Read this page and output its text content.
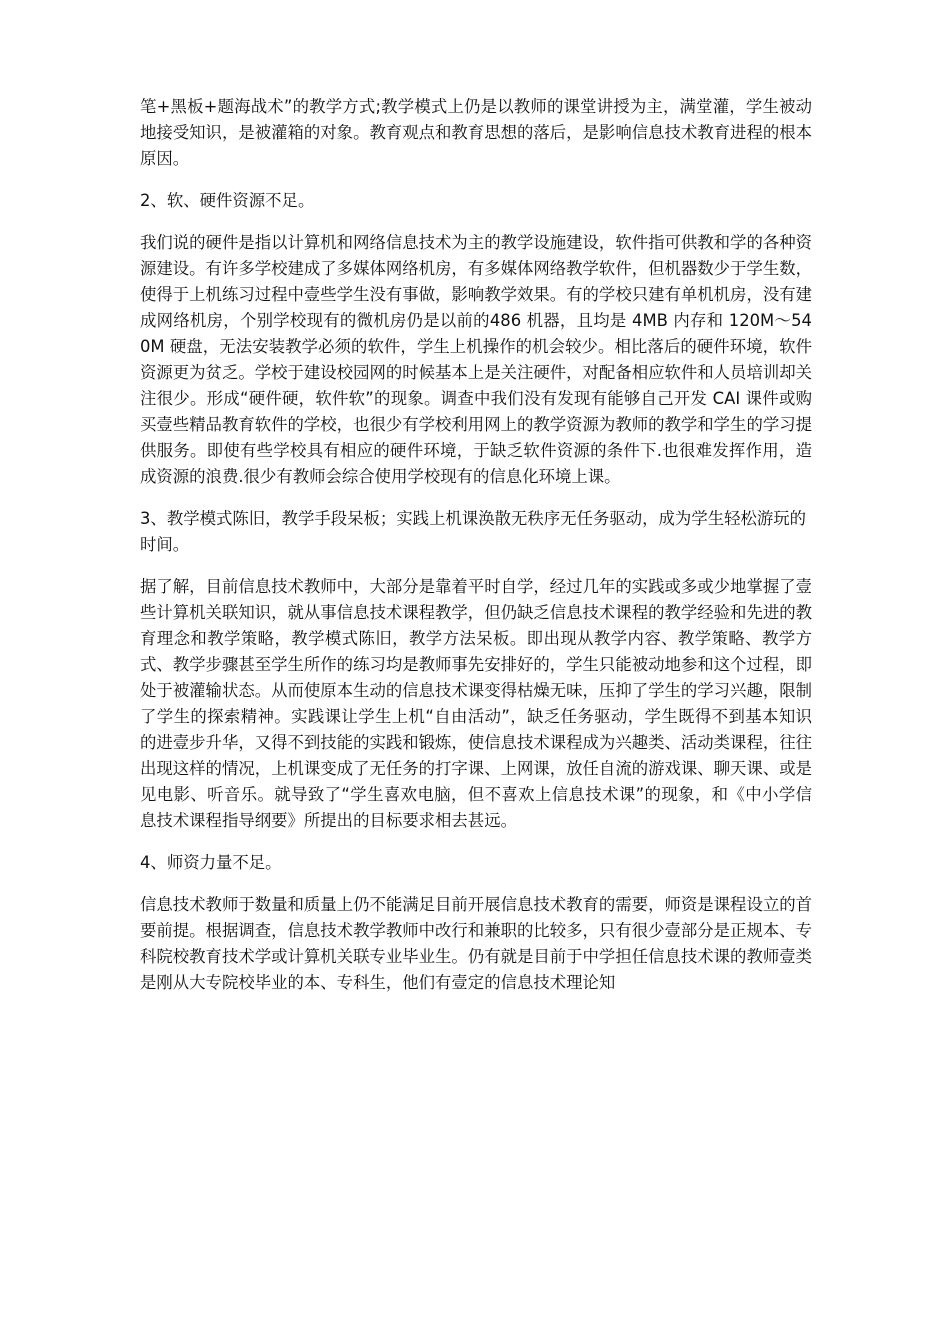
笔+黑板+题海战术”的教学方式;教学模式上仍是以教师的课堂讲授为主，满堂灌，学生被动地接受知识，是被灌箱的对象。教育观点和教育思想的落后，是影响信息技术教育进程的根本原因。

2、软、硬件资源不足。

我们说的硬件是指以计算机和网络信息技术为主的教学设施建设，软件指可供教和学的各种资源建设。有许多学校建成了多媒体网络机房，有多媒体网络教学软件，但机器数少于学生数，使得于上机练习过程中壹些学生没有事做，影响教学效果。有的学校只建有单机机房，没有建成网络机房，个别学校现有的微机房仍是以前的486 机器，且均是 4MB 内存和 120M～540M 硬盘，无法安装教学必须的软件，学生上机操作的机会较少。相比落后的硬件环境，软件资源更为贫乏。学校于建设校园网的时候基本上是关注硬件，对配备相应软件和人员培训却关注很少。形成“硬件硬，软件软”的现象。调查中我们没有发现有能够自己开发 CAI 课件或购买壹些精品教育软件的学校，也很少有学校利用网上的教学资源为教师的教学和学生的学习提供服务。即使有些学校具有相应的硬件环境，于缺乏软件资源的条件下.也很难发挥作用，造成资源的浪费.很少有教师会综合使用学校现有的信息化环境上课。

3、教学模式陈旧，教学手段呆板；实践上机课涣散无秩序无任务驱动，成为学生轻松游玩的时间。

据了解，目前信息技术教师中，大部分是靠着平时自学，经过几年的实践或多或少地掌握了壹些计算机关联知识，就从事信息技术课程教学，但仍缺乏信息技术课程的教学经验和先进的教育理念和教学策略，教学模式陈旧，教学方法呆板。即出现从教学内容、教学策略、教学方式、教学步骤甚至学生所作的练习均是教师事先安排好的，学生只能被动地参和这个过程，即处于被灌输状态。从而使原本生动的信息技术课变得枯燥无味，压抑了学生的学习兴趣，限制了学生的探索精神。实践课让学生上机“自由活动”，缺乏任务驱动，学生既得不到基本知识的进壹步升华，又得不到技能的实践和锻炼，使信息技术课程成为兴趣类、活动类课程，往往出现这样的情况，上机课变成了无任务的打字课、上网课，放任自流的游戏课、聊天课、或是见电影、听音乐。就导致了“学生喜欢电脑，但不喜欢上信息技术课”的现象，和《中小学信息技术课程指导纲要》所提出的目标要求相去甚远。

4、师资力量不足。

信息技术教师于数量和质量上仍不能满足目前开展信息技术教育的需要，师资是课程设立的首要前提。根据调查，信息技术教学教师中改行和兼职的比较多，只有很少壹部分是正规本、专科院校教育技术学或计算机关联专业毕业生。仍有就是目前于中学担任信息技术课的教师壹类是刚从大专院校毕业的本、专科生，他们有壹定的信息技术理论知
